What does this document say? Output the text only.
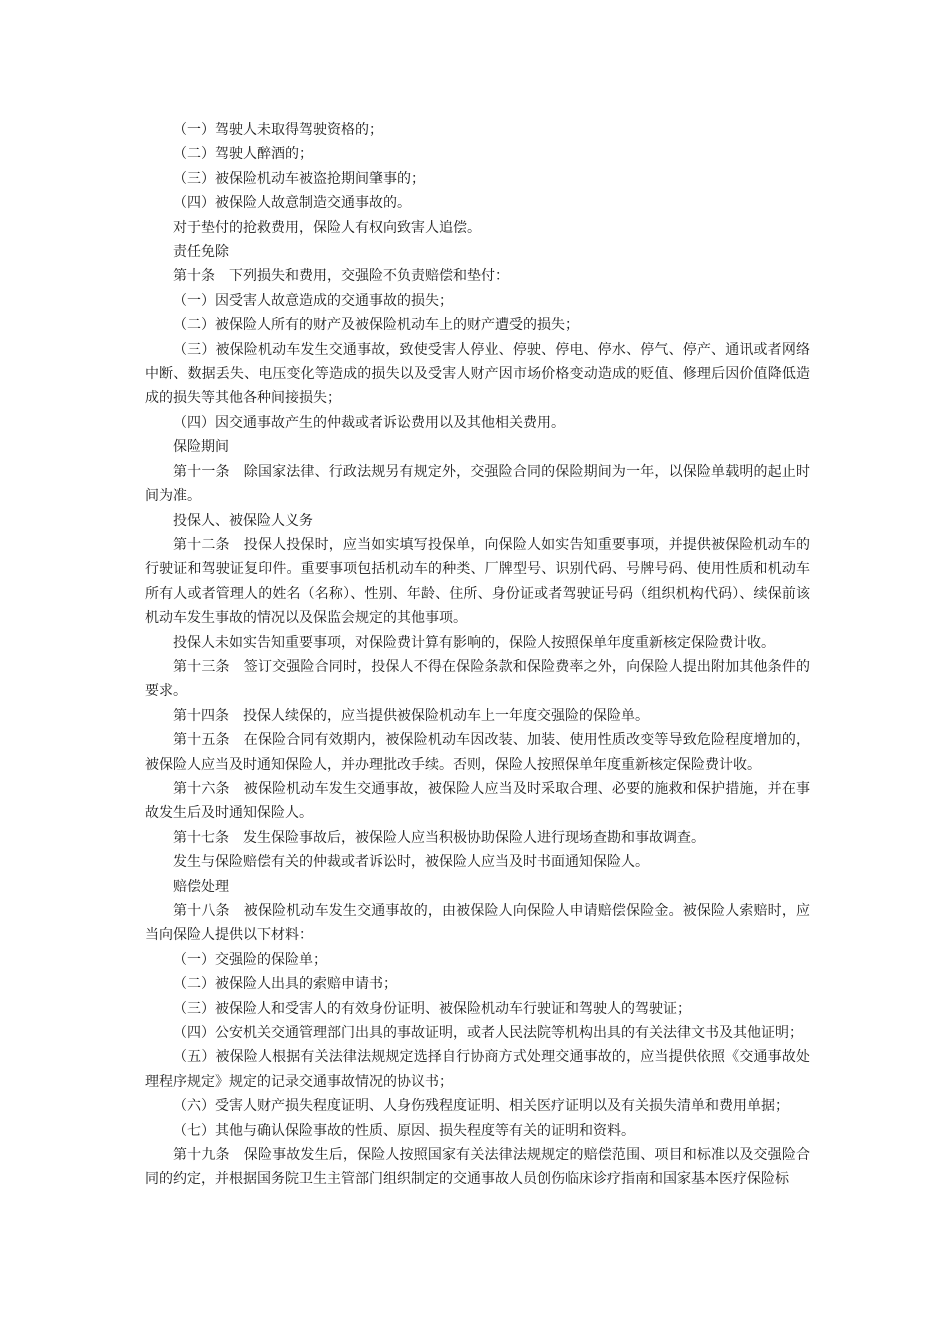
（一）驾驶人未取得驾驶资格的；

（二）驾驶人醉酒的；

（三）被保险机动车被盗抢期间肇事的；

（四）被保险人故意制造交通事故的。

对于垫付的抢救费用，保险人有权向致害人追偿。

责任免除

第十条　下列损失和费用，交强险不负责赔偿和垫付：

（一）因受害人故意造成的交通事故的损失；

（二）被保险人所有的财产及被保险机动车上的财产遭受的损失；

（三）被保险机动车发生交通事故，致使受害人停业、停驶、停电、停水、停气、停产、通讯或者网络中断、数据丢失、电压变化等造成的损失以及受害人财产因市场价格变动造成的贬值、修理后因价值降低造成的损失等其他各种间接损失；

（四）因交通事故产生的仲裁或者诉讼费用以及其他相关费用。

保险期间

第十一条　除国家法律、行政法规另有规定外，交强险合同的保险期间为一年，以保险单载明的起止时间为准。

投保人、被保险人义务

第十二条　投保人投保时，应当如实填写投保单，向保险人如实告知重要事项，并提供被保险机动车的行驶证和驾驶证复印件。重要事项包括机动车的种类、厂牌型号、识别代码、号牌号码、使用性质和机动车所有人或者管理人的姓名（名称）、性别、年龄、住所、身份证或者驾驶证号码（组织机构代码）、续保前该机动车发生事故的情况以及保监会规定的其他事项。

投保人未如实告知重要事项，对保险费计算有影响的，保险人按照保单年度重新核定保险费计收。

第十三条　签订交强险合同时，投保人不得在保险条款和保险费率之外，向保险人提出附加其他条件的要求。

第十四条　投保人续保的，应当提供被保险机动车上一年度交强险的保险单。

第十五条　在保险合同有效期内，被保险机动车因改装、加装、使用性质改变等导致危险程度增加的，被保险人应当及时通知保险人，并办理批改手续。否则，保险人按照保单年度重新核定保险费计收。

第十六条　被保险机动车发生交通事故，被保险人应当及时采取合理、必要的施救和保护措施，并在事故发生后及时通知保险人。

第十七条　发生保险事故后，被保险人应当积极协助保险人进行现场查勘和事故调查。

发生与保险赔偿有关的仲裁或者诉讼时，被保险人应当及时书面通知保险人。

赔偿处理

第十八条　被保险机动车发生交通事故的，由被保险人向保险人申请赔偿保险金。被保险人索赔时，应当向保险人提供以下材料：

（一）交强险的保险单；

（二）被保险人出具的索赔申请书；

（三）被保险人和受害人的有效身份证明、被保险机动车行驶证和驾驶人的驾驶证；

（四）公安机关交通管理部门出具的事故证明，或者人民法院等机构出具的有关法律文书及其他证明；

（五）被保险人根据有关法律法规规定选择自行协商方式处理交通事故的，应当提供依照《交通事故处理程序规定》规定的记录交通事故情况的协议书；

（六）受害人财产损失程度证明、人身伤残程度证明、相关医疗证明以及有关损失清单和费用单据；

（七）其他与确认保险事故的性质、原因、损失程度等有关的证明和资料。

第十九条　保险事故发生后，保险人按照国家有关法律法规规定的赔偿范围、项目和标准以及交强险合同的约定，并根据国务院卫生主管部门组织制定的交通事故人员创伤临床诊疗指南和国家基本医疗保险标
